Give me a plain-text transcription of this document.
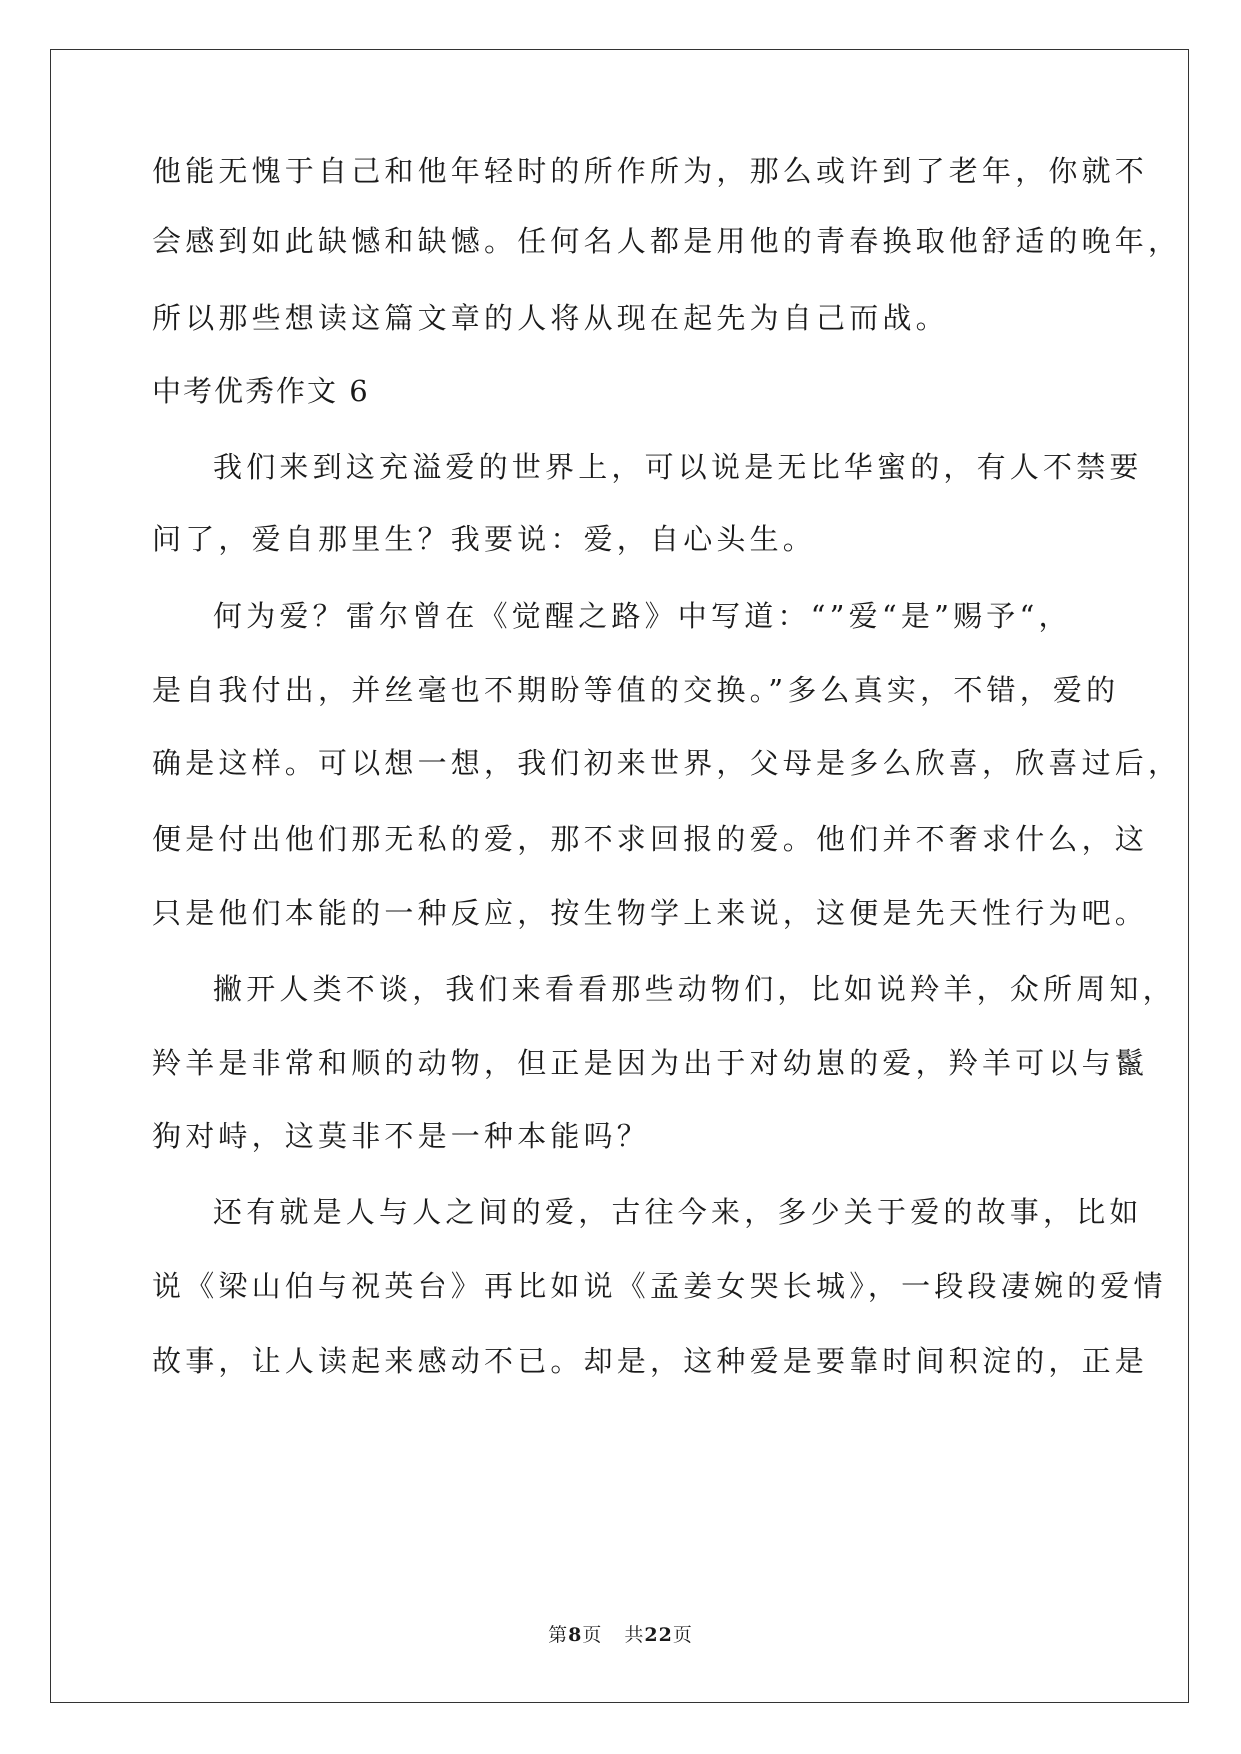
他能无愧于自己和他年轻时的所作所为，那么或许到了老年，你就不
会感到如此缺憾和缺憾。任何名人都是用他的青春换取他舒适的晚年，
所以那些想读这篇文章的人将从现在起先为自己而战。
中考优秀作文 6
我们来到这充溢爱的世界上，可以说是无比华蜜的，有人不禁要
问了，爱自那里生？我要说：爱，自心头生。
何为爱？雷尔曾在《觉醒之路》中写道：“”爱“是”赐予“，
是自我付出，并丝毫也不期盼等值的交换。”多么真实，不错，爱的
确是这样。可以想一想，我们初来世界，父母是多么欣喜，欣喜过后，
便是付出他们那无私的爱，那不求回报的爱。他们并不奢求什么，这
只是他们本能的一种反应，按生物学上来说，这便是先天性行为吧。
撇开人类不谈，我们来看看那些动物们，比如说羚羊，众所周知，
羚羊是非常和顺的动物，但正是因为出于对幼崽的爱，羚羊可以与鬣
狗对峙，这莫非不是一种本能吗？
还有就是人与人之间的爱，古往今来，多少关于爱的故事，比如
说《梁山伯与祝英台》再比如说《孟姜女哭长城》，一段段凄婉的爱情
故事，让人读起来感动不已。却是，这种爱是要靠时间积淀的，正是
第8页 共22页
